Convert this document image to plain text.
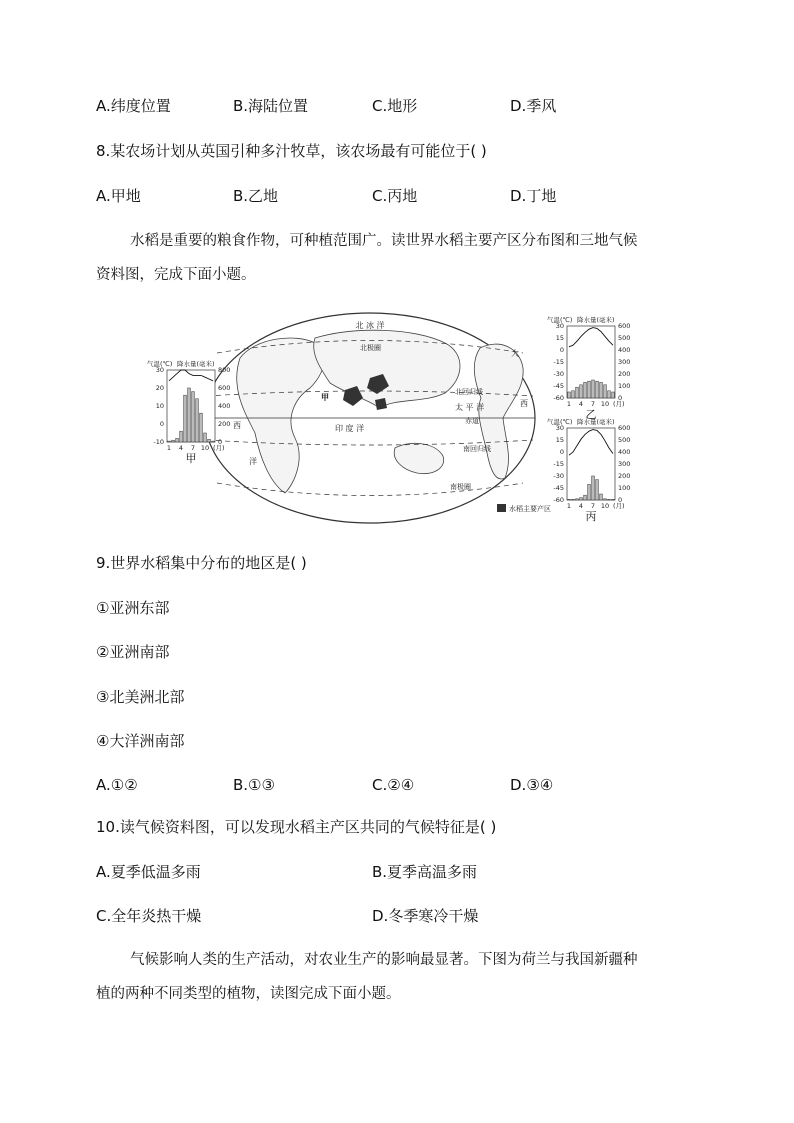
A.纬度位置	B.海陆位置	C.地形	D.季风
8.某农场计划从英国引种多汁牧草，该农场最有可能位于( )
A.甲地	B.乙地	C.丙地	D.丁地
水稻是重要的粮食作物，可种植范围广。读世界水稻主要产区分布图和三地气候
资料图，完成下面小题。
北 冰 洋
北极圈
北回归线
赤道
南回归线
南极圈
太 平 洋
印 度 洋
大
西
西
洋
甲
水稻主要产区
气温(℃) 降水量(毫米)
30
20
10
0
-10
800
600
400
200
0
1 4 7 10 (月)
甲
气温(℃) 降水量(毫米)
30
15
0
-15
-30
-45
-60
600
500
400
300
200
100
0
1 4 7 10 (月)
乙
气温(℃) 降水量(毫米)
30
15
0
-15
-30
-45
-60
600
500
400
300
200
100
0
1 4 7 10 (月)
丙
9.世界水稻集中分布的地区是( )
①亚洲东部
②亚洲南部
③北美洲北部
④大洋洲南部
A.①②	B.①③	C.②④	D.③④
10.读气候资料图，可以发现水稻主产区共同的气候特征是( )
A.夏季低温多雨	B.夏季高温多雨
C.全年炎热干燥	D.冬季寒冷干燥
气候影响人类的生产活动，对农业生产的影响最显著。下图为荷兰与我国新疆种
植的两种不同类型的植物，读图完成下面小题。
